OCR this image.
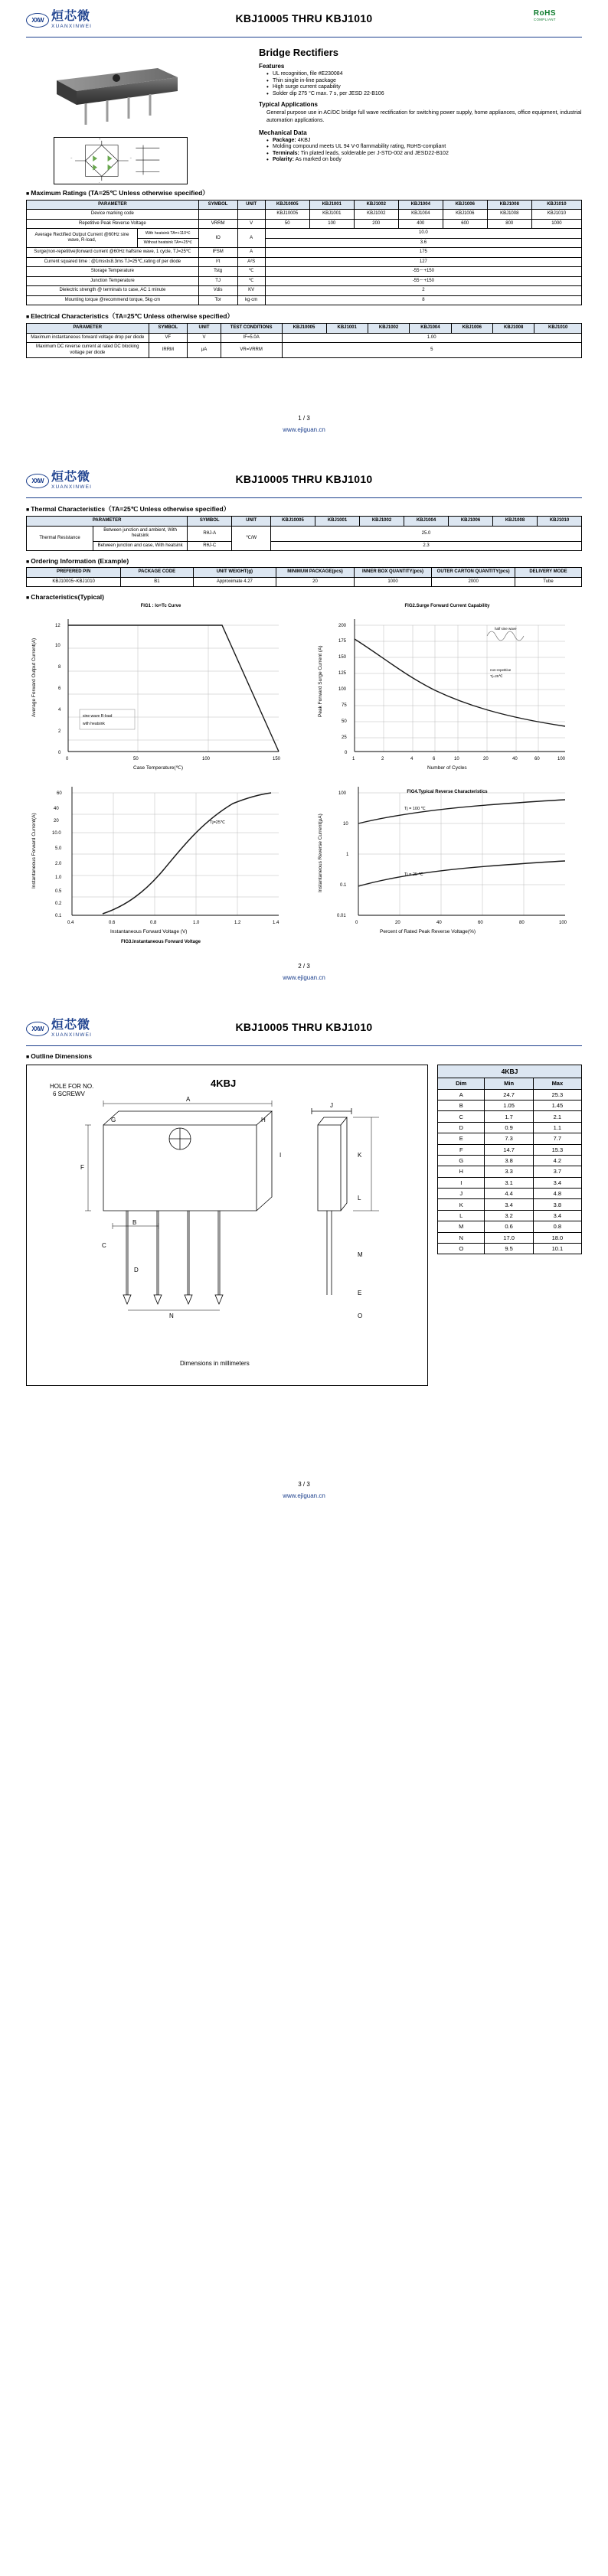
XXW 烜芯微
XUANXINWEI
KBJ10005 THRU KBJ1010	RoHS
COMPLIANT
~	~
+
-
Bridge Rectifiers
Features
• UL recognition, file #E230084
• Thin single in-line package
• High surge current capability
• Solder dip 275 °C max. 7 s, per JESD 22-B106
Typical Applications
General purpose use in AC/DC bridge full wave rectification for switching power supply, home appliances, office equipment, industrial automation applications.
Mechanical Data
• Package: 4KBJ
• Molding compound meets UL 94 V-0 flammability rating, RoHS-compliant
• Terminals: Tin plated leads, solderable per J-STD-002 and JESD22-B102
• Polarity: As marked on body
■ Maximum Ratings (TA=25℃ Unless otherwise specified）
PARAMETER		SYMBOL	UNIT	KBJ10005	KBJ1001	KBJ1002	KBJ1004	KBJ1006	KBJ1008	KBJ1010
Device marking code				KBJ10005	KBJ1001	KBJ1002	KBJ1004	KBJ1006	KBJ1008	KBJ1010
Repetitive Peak Reverse Voltage		VRRM	V	50	100	200	400	600	800	1000
Average Rectified Output Current @60Hz sine wave, R-load,	With heatsink TA=+110℃	IO	A	10.0						
	Without heatsink TA=+25℃			3.6						
Surge(non-repetitive)forward current @60Hz halfsine wave, 1 cycle, TJ=25℃		IFSM	A	175						
Current squared time : @1ms≤t≤8.3ms TJ=25℃,rating of per diode		I²t	A²S	127						
Storage Temperature		Tstg	℃	-55～+150						
Junction Temperature		TJ	℃	-55～+150						
Dielectric strength @ terminals to case, AC 1 minute		Vdis	KV	2						
Mounting torque @recommend torque, 5kg·cm		Tor	kg·cm	8						
■ Electrical Characteristics（TA=25℃ Unless otherwise specified）
PARAMETER	SYMBOL	UNIT	TEST CONDITIONS	KBJ10005	KBJ1001	KBJ1002	KBJ1004	KBJ1006	KBJ1008	KBJ1010
Maximum instantaneous forward voltage drop per diode	VF	V	IF=5.0A	1.00						
Maximum DC reverse current at rated DC blocking voltage per diode	IRRM	μA	VR=VRRM	5						
1 / 3
www.ejiguan.cn
XXW 烜芯微
XUANXINWEI
KBJ10005 THRU KBJ1010
■ Thermal Characteristics（TA=25℃ Unless otherwise specified）
PARAMETER		SYMBOL	UNIT	KBJ10005	KBJ1001	KBJ1002	KBJ1004	KBJ1006	KBJ1008	KBJ1010
Thermal Resistance	Between junction and ambient, With heatsink	RθJ-A	℃/W	25.0						
	Between junction and case, With heatsink	RθJ-C		2.3						
■ Ordering Information (Example)
PREFERED P/N	PACKAGE CODE	UNIT WEIGHT(g)	MINIMUM PACKAGE(pcs)	INNER BOX QUANTITY(pcs)	OUTER CARTON QUANTITY(pcs)	DELIVERY MODE
KBJ10005~KBJ1010	B1	Approximate 4.27	20	1000	2000	Tube
■ Characteristics(Typical)
FIG1 : Io=Tc Curve
0
2
4
6
8
10
12
0	50	100	150
Case Temperature(℃)
Average Forward Output Current(A)	sine wave R-load
with heatsink
FIG2.Surge Forward Current Capability
0
25
50
75
100
125
150
175
200
1	2	4	6	10	20	40	60	100
Number of Cycles
Peak Forward Surge Current (A)
half sine wave
non-repetitive
Tj=25℃
60
40
20
10.0
5.0
2.0
1.0
0.5
0.2
0.1
0.4	0.6	0.8	1.0	1.2	1.4
Instantaneous Forward Current(A)
Instantaneous Forward Voltage (V)
Tj=25℃
FIG3.Instantaneous Forward Voltage
100
10
1
0.1
0.01
0	20	40	60	80	100
Instantaneous Reverse Current(μA)
Percent of Rated Peak Reverse Voltage(%)
Tj = 100 ℃
Tj = 25 ℃
FIG4.Typical Reverse Characteristics
2 / 3
www.ejiguan.cn
XXW 烜芯微
XUANXINWEI
KBJ10005 THRU KBJ1010
■ Outline Dimensions
HOLE FOR NO.
6 SCREWV
4KBJ
A
F
B
C
D
N
G	H
I
J
K
L
M
E
O
Dimensions in millimeters
4KBJ
Dim	Min	Max
A	24.7	25.3
B	1.05	1.45
C	1.7	2.1
D	0.9	1.1
E	7.3	7.7
F	14.7	15.3
G	3.8	4.2
H	3.3	3.7
I	3.1	3.4
J	4.4	4.8
K	3.4	3.8
L	3.2	3.4
M	0.6	0.8
N	17.0	18.0
O	9.5	10.1
3 / 3
www.ejiguan.cn
